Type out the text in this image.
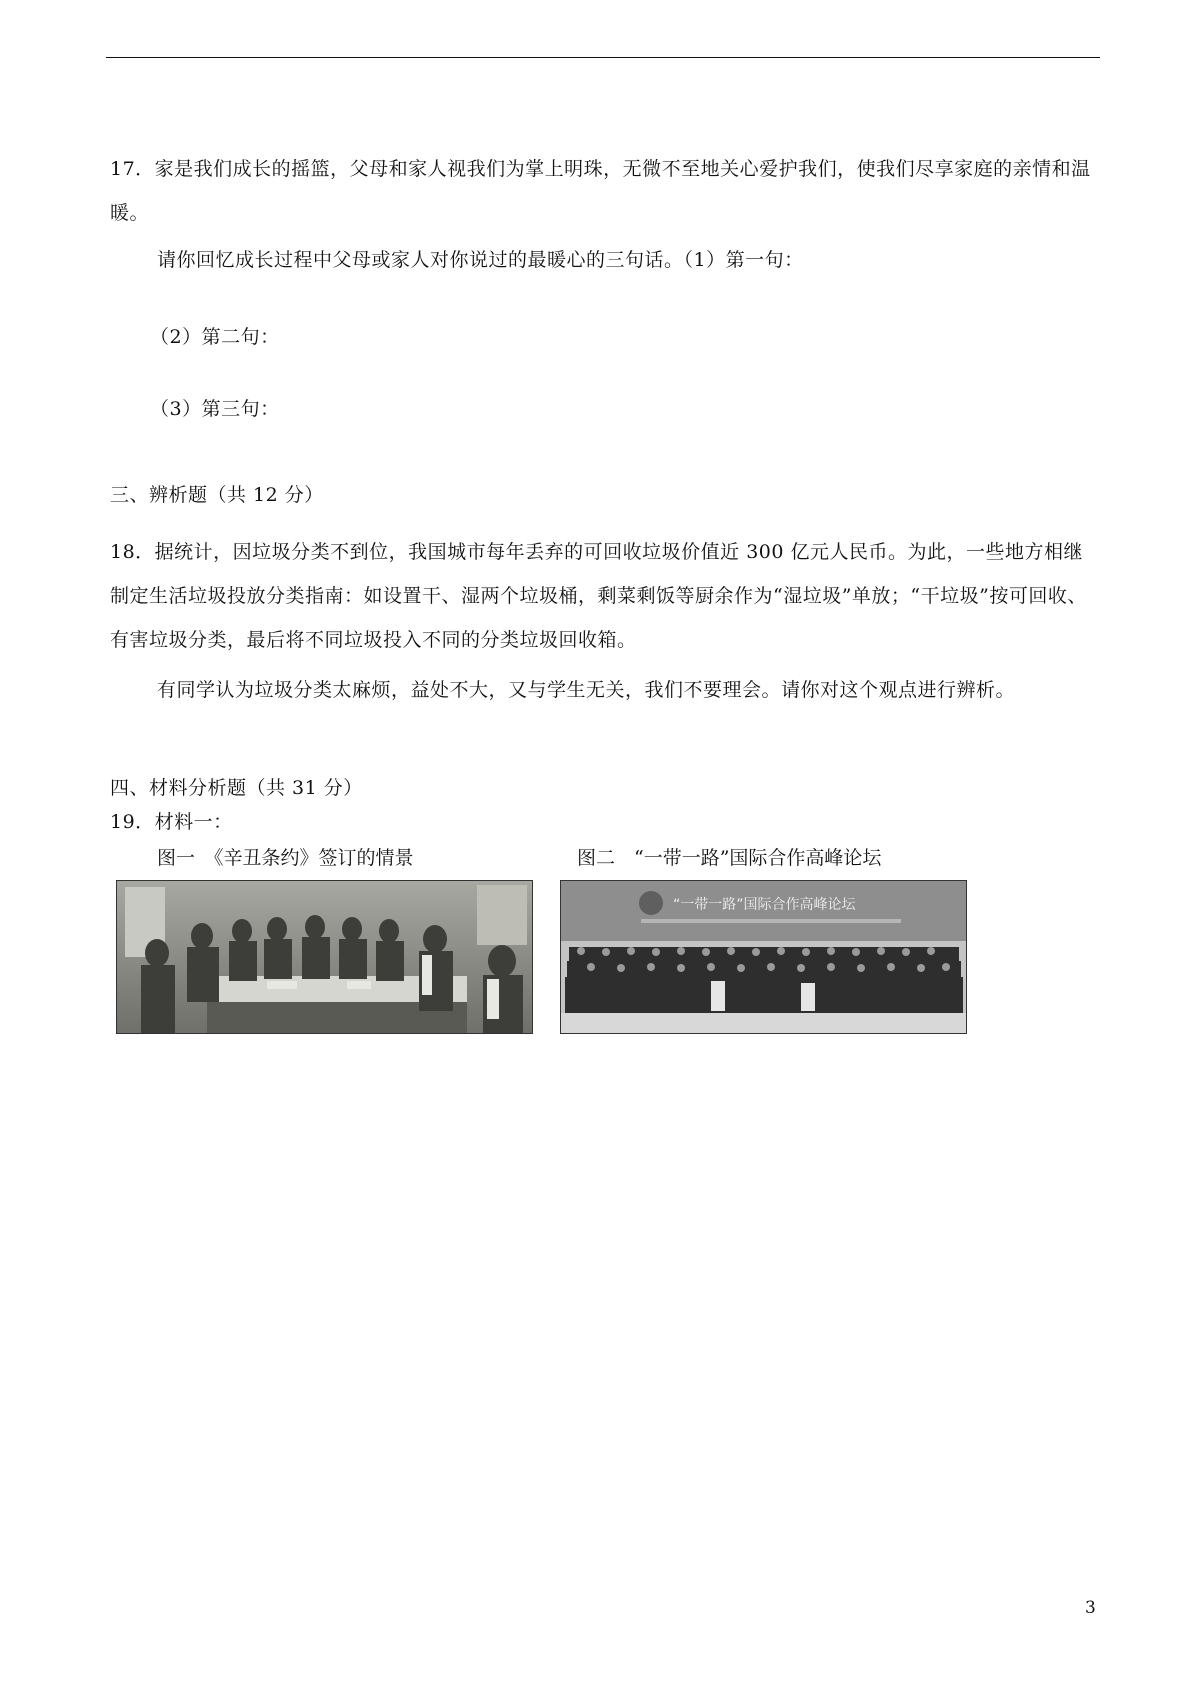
17．家是我们成长的摇篮，父母和家人视我们为掌上明珠，无微不至地关心爱护我们，使我们尽享家庭的亲情和温暖。

请你回忆成长过程中父母或家人对你说过的最暖心的三句话。（1）第一句：

（2）第二句：

（3）第三句：

三、辨析题（共 12 分）

18．据统计，因垃圾分类不到位，我国城市每年丢弃的可回收垃圾价值近 300 亿元人民币。为此，一些地方相继制定生活垃圾投放分类指南：如设置干、湿两个垃圾桶，剩菜剩饭等厨余作为“湿垃圾”单放；“干垃圾”按可回收、有害垃圾分类，最后将不同垃圾投入不同的分类垃圾回收箱。

有同学认为垃圾分类太麻烦，益处不大，又与学生无关，我们不要理会。请你对这个观点进行辨析。

四、材料分析题（共 31 分）

19．材料一：

图一　《辛丑条约》签订的情景	图二　“一带一路”国际合作高峰论坛
“一带一路”国际合作高峰论坛
3
